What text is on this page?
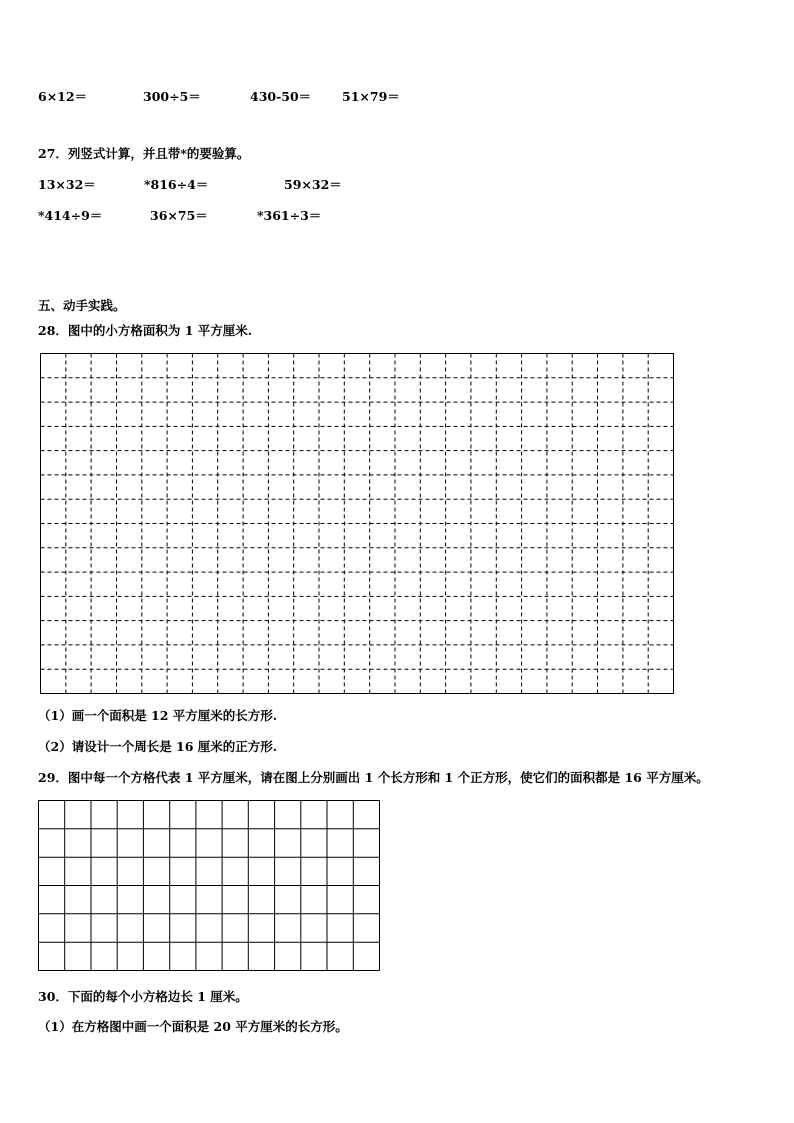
6×12＝	300÷5＝	430-50＝ 51×79＝
27．列竖式计算，并且带*的要验算。
13×32＝	*816÷4＝	59×32＝
*414÷9＝	36×75＝	*361÷3＝
五、动手实践。
28．图中的小方格面积为 1 平方厘米.
（1）画一个面积是 12 平方厘米的长方形.
（2）请设计一个周长是 16 厘米的正方形.
29．图中每一个方格代表 1 平方厘米，请在图上分别画出 1 个长方形和 1 个正方形，使它们的面积都是 16 平方厘米。
30．下面的每个小方格边长 1 厘米。
（1）在方格图中画一个面积是 20 平方厘米的长方形。
